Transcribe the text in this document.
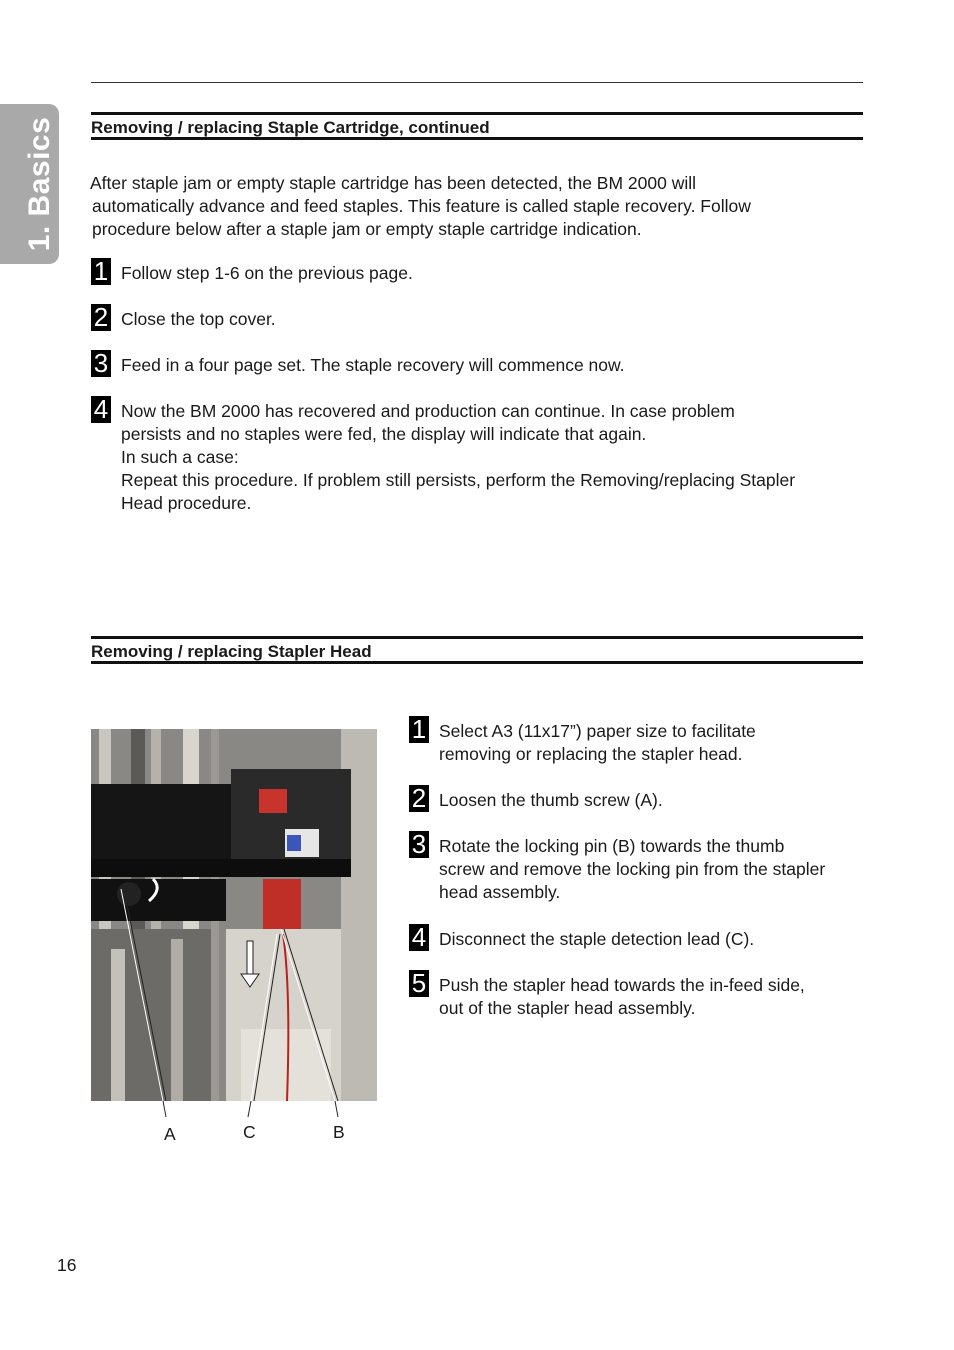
1. Basics Removing / replacing Staple Cartridge, continued

After staple jam or empty staple cartridge has been detected, the BM 2000 will

automatically advance and feed staples. This feature is called staple recovery. Follow

procedure below after a staple jam or empty staple cartridge indication.

1 Follow step 1-6 on the previous page.
2 Close the top cover.
3 Feed in a four page set. The staple recovery will commence now.
4 Now the BM 2000 has recovered and production can continue. In case problem
persists and no staples were fed, the display will indicate that again.
In such a case:
Repeat this procedure. If problem still persists, perform the Removing/replacing Stapler
Head procedure.
Removing / replacing Stapler Head
A	C	B
1 Select A3 (11x17”) paper size to facilitate
removing or replacing the stapler head.
2 Loosen the thumb screw (A).
3 Rotate the locking pin (B) towards the thumb
screw and remove the locking pin from the stapler
head assembly.
4 Disconnect the staple detection lead (C).
5 Push the stapler head towards the in-feed side,
out of the stapler head assembly.
16
